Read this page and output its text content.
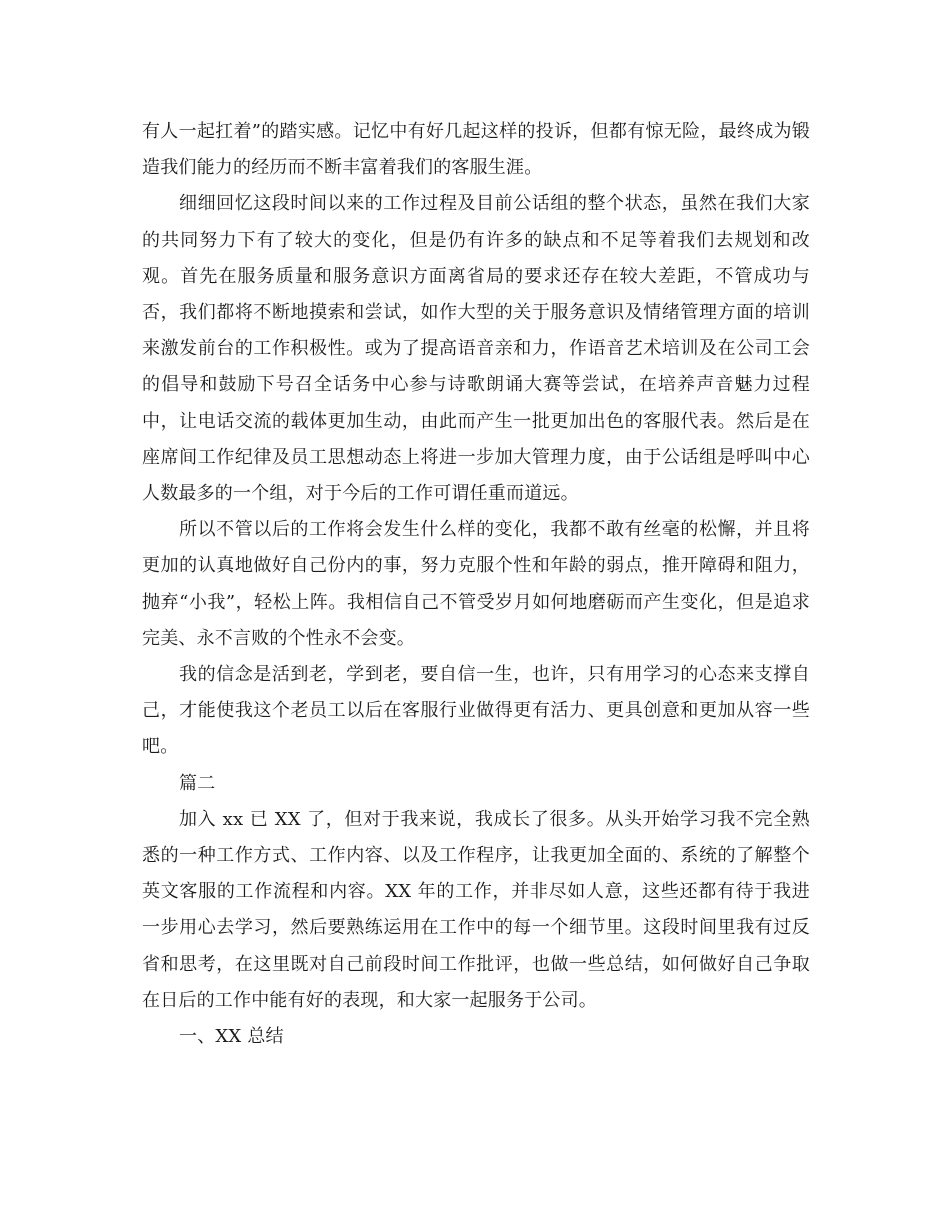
有人一起扛着”的踏实感。记忆中有好几起这样的投诉，但都有惊无险，最终成为锻造我们能力的经历而不断丰富着我们的客服生涯。

细细回忆这段时间以来的工作过程及目前公话组的整个状态，虽然在我们大家的共同努力下有了较大的变化，但是仍有许多的缺点和不足等着我们去规划和改观。首先在服务质量和服务意识方面离省局的要求还存在较大差距，不管成功与否，我们都将不断地摸索和尝试，如作大型的关于服务意识及情绪管理方面的培训来激发前台的工作积极性。或为了提高语音亲和力，作语音艺术培训及在公司工会的倡导和鼓励下号召全话务中心参与诗歌朗诵大赛等尝试，在培养声音魅力过程中，让电话交流的载体更加生动，由此而产生一批更加出色的客服代表。然后是在座席间工作纪律及员工思想动态上将进一步加大管理力度，由于公话组是呼叫中心人数最多的一个组，对于今后的工作可谓任重而道远。

所以不管以后的工作将会发生什么样的变化，我都不敢有丝毫的松懈，并且将更加的认真地做好自己份内的事，努力克服个性和年龄的弱点，推开障碍和阻力，抛弃“小我”，轻松上阵。我相信自己不管受岁月如何地磨砺而产生变化，但是追求完美、永不言败的个性永不会变。

我的信念是活到老，学到老，要自信一生，也许，只有用学习的心态来支撑自己，才能使我这个老员工以后在客服行业做得更有活力、更具创意和更加从容一些吧。

篇二

加入 xx 已 XX 了，但对于我来说，我成长了很多。从头开始学习我不完全熟悉的一种工作方式、工作内容、以及工作程序，让我更加全面的、系统的了解整个英文客服的工作流程和内容。XX 年的工作，并非尽如人意，这些还都有待于我进一步用心去学习，然后要熟练运用在工作中的每一个细节里。这段时间里我有过反省和思考，在这里既对自己前段时间工作批评，也做一些总结，如何做好自己争取在日后的工作中能有好的表现，和大家一起服务于公司。

一、XX 总结
